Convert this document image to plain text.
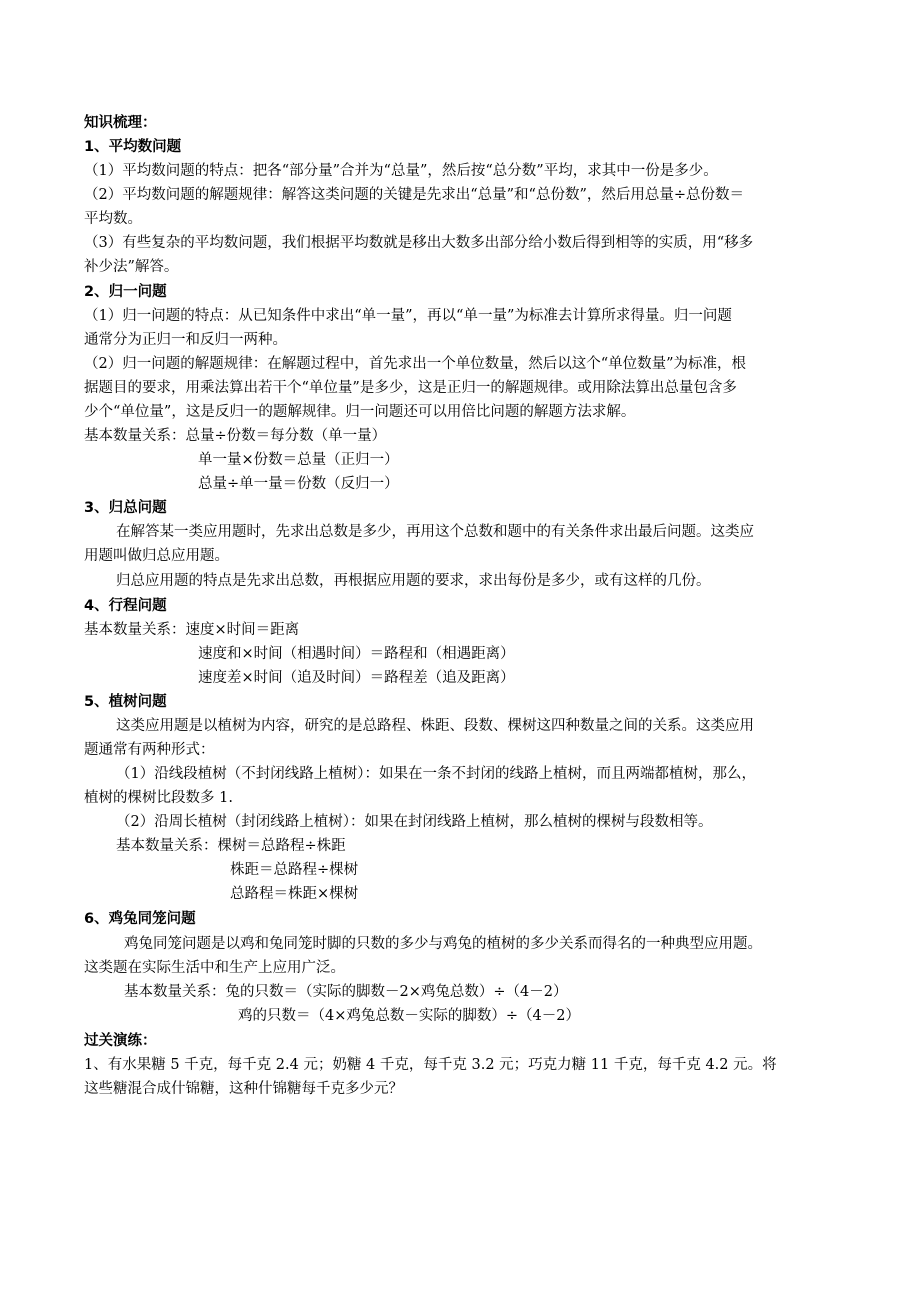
知识梳理：
1、平均数问题
（1）平均数问题的特点：把各“部分量”合并为“总量”，然后按“总分数”平均，求其中一份是多少。
（2）平均数问题的解题规律：解答这类问题的关键是先求出“总量”和“总份数”，然后用总量÷总份数＝
平均数。
（3）有些复杂的平均数问题，我们根据平均数就是移出大数多出部分给小数后得到相等的实质，用“移多
补少法”解答。
2、归一问题
（1）归一问题的特点：从已知条件中求出“单一量”，再以“单一量”为标准去计算所求得量。归一问题
通常分为正归一和反归一两种。
（2）归一问题的解题规律：在解题过程中，首先求出一个单位数量，然后以这个“单位数量”为标准，根
据题目的要求，用乘法算出若干个“单位量”是多少，这是正归一的解题规律。或用除法算出总量包含多
少个“单位量”，这是反归一的题解规律。归一问题还可以用倍比问题的解题方法求解。
基本数量关系：总量÷份数＝每分数（单一量）
单一量×份数＝总量（正归一）
总量÷单一量＝份数（反归一）
3、归总问题
在解答某一类应用题时，先求出总数是多少，再用这个总数和题中的有关条件求出最后问题。这类应
用题叫做归总应用题。
归总应用题的特点是先求出总数，再根据应用题的要求，求出每份是多少，或有这样的几份。
4、行程问题
基本数量关系：速度×时间＝距离
速度和×时间（相遇时间）＝路程和（相遇距离）
速度差×时间（追及时间）＝路程差（追及距离）
5、植树问题
这类应用题是以植树为内容，研究的是总路程、株距、段数、棵树这四种数量之间的关系。这类应用
题通常有两种形式：
（1）沿线段植树（不封闭线路上植树）：如果在一条不封闭的线路上植树，而且两端都植树，那么，
植树的棵树比段数多 1.
（2）沿周长植树（封闭线路上植树）：如果在封闭线路上植树，那么植树的棵树与段数相等。
基本数量关系：棵树＝总路程÷株距
株距＝总路程÷棵树
总路程＝株距×棵树
6、鸡兔同笼问题
鸡兔同笼问题是以鸡和兔同笼时脚的只数的多少与鸡兔的植树的多少关系而得名的一种典型应用题。
这类题在实际生活中和生产上应用广泛。
基本数量关系：兔的只数＝（实际的脚数－2×鸡兔总数）÷（4－2）
鸡的只数＝（4×鸡兔总数－实际的脚数）÷（4－2）
过关演练：
1、有水果糖 5 千克，每千克 2.4 元；奶糖 4 千克，每千克 3.2 元；巧克力糖 11 千克，每千克 4.2 元。将
这些糖混合成什锦糖，这种什锦糖每千克多少元？
